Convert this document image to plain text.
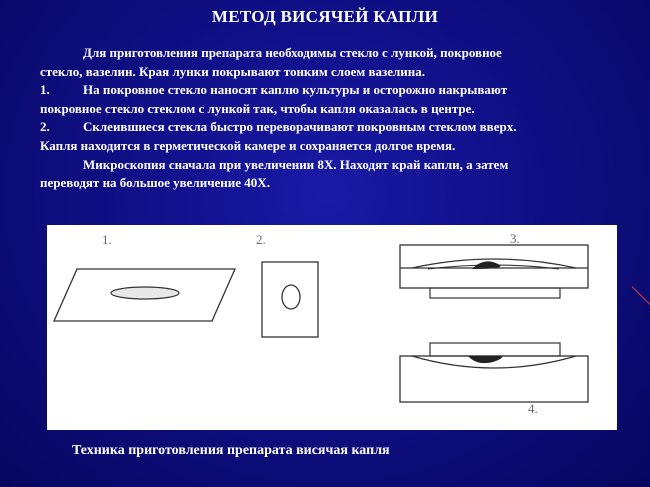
МЕТОД ВИСЯЧЕЙ КАПЛИ
Для приготовления препарата необходимы стекло с лункой, покровное
стекло, вазелин. Края лунки покрывают тонким слоем вазелина.
1.	На покровное стекло наносят каплю культуры и осторожно накрывают
покровное стекло стеклом с лункой так, чтобы капля оказалась в центре.
2.	Склеившиеся стекла быстро переворачивают покровным стеклом вверх.
Капля находится в герметической камере и сохраняется долгое время.
Микроскопия сначала при увеличении 8Х. Находят край капли, а затем
переводят на большое увеличение 40Х.
1.	2.	3.
4.
Техника приготовления препарата висячая капля
